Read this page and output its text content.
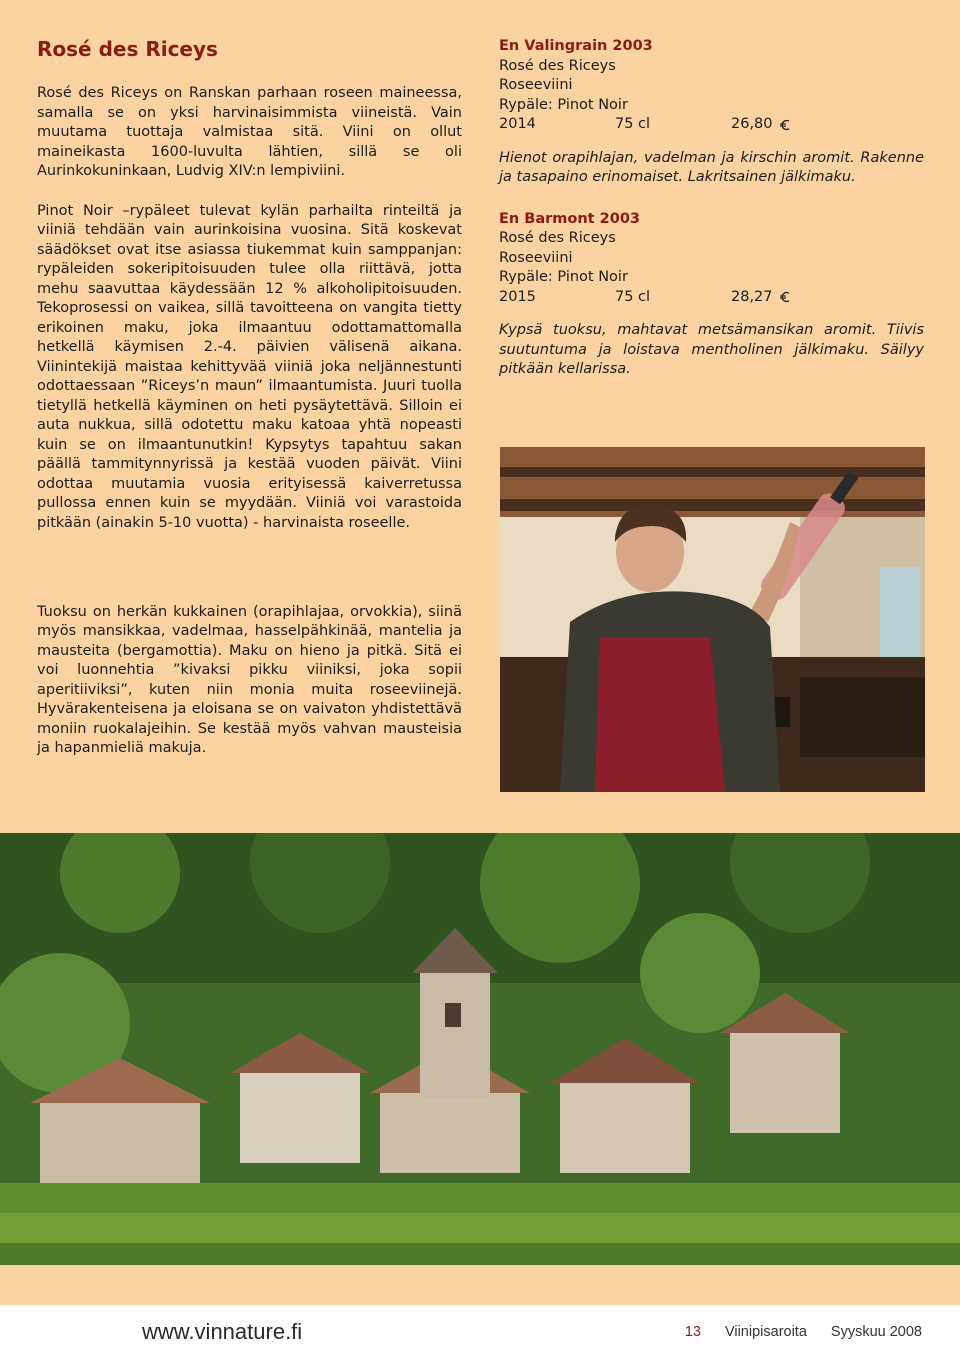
Rosé des Riceys

Rosé des Riceys on Ranskan parhaan roseen maineessa, samalla se on yksi harvinaisimmista viineistä. Vain muutama tuottaja valmistaa sitä. Viini on ollut maineikasta 1600-luvulta lähtien, sillä se oli Aurinkokuninkaan, Ludvig XIV:n lempiviini.

Pinot Noir –rypäleet tulevat kylän parhailta rinteiltä ja viiniä tehdään vain aurinkoisina vuosina. Sitä koskevat säädökset ovat itse asiassa tiukemmat kuin samppanjan: rypäleiden sokeripitoisuuden tulee olla riittävä, jotta mehu saavuttaa käydessään 12 % alkoholipitoisuuden. Tekoprosessi on vaikea, sillä tavoitteena on vangita tietty erikoinen maku, joka ilmaantuu odottamattomalla hetkellä käymisen 2.-4. päivien välisenä aikana. Viinintekijä maistaa kehittyvää viiniä joka neljännestunti odottaessaan ”Riceys’n maun” ilmaantumista. Juuri tuolla tietyllä hetkellä käyminen on heti pysäytettävä. Silloin ei auta nukkua, sillä odotettu maku katoaa yhtä nopeasti kuin se on ilmaantunutkin! Kypsytys tapahtuu sakan päällä tammitynnyrissä ja kestää vuoden päivät. Viini odottaa muutamia vuosia erityisessä kaiverretussa pullossa ennen kuin se myydään. Viiniä voi varastoida pitkään (ainakin 5-10 vuotta) - harvinaista roseelle.

Tuoksu on herkän kukkainen (orapihlajaa, orvokkia), siinä myös mansikkaa, vadelmaa, hasselpähkinää, mantelia ja mausteita (bergamottia). Maku on hieno ja pitkä. Sitä ei voi luonnehtia ”kivaksi pikku viiniksi, joka sopii aperitiiviksi”, kuten niin monia muita roseeviinejä. Hyvärakenteisena ja eloisana se on vaivaton yhdistettävä moniin ruokalajeihin. Se kestää myös vahvan mausteisia ja hapanmieliä makuja.

En Valingrain 2003
Rosé des Riceys
Roseeviini
Rypäle: Pinot Noir
2014	75 cl	26,80
Hienot orapihlajan, vadelman ja kirschin aromit. Rakenne ja tasapaino erinomaiset. Lakritsainen jälkimaku.
En Barmont 2003
Rosé des Riceys
Roseeviini
Rypäle: Pinot Noir
2015	75 cl	28,27
Kypsä tuoksu, mahtavat metsämansikan aromit. Tiivis suutuntuma ja loistava mentholinen jälkimaku. Säilyy pitkään kellarissa.
www.vinnature.fi	13 Viinipisaroita Syyskuu 2008
